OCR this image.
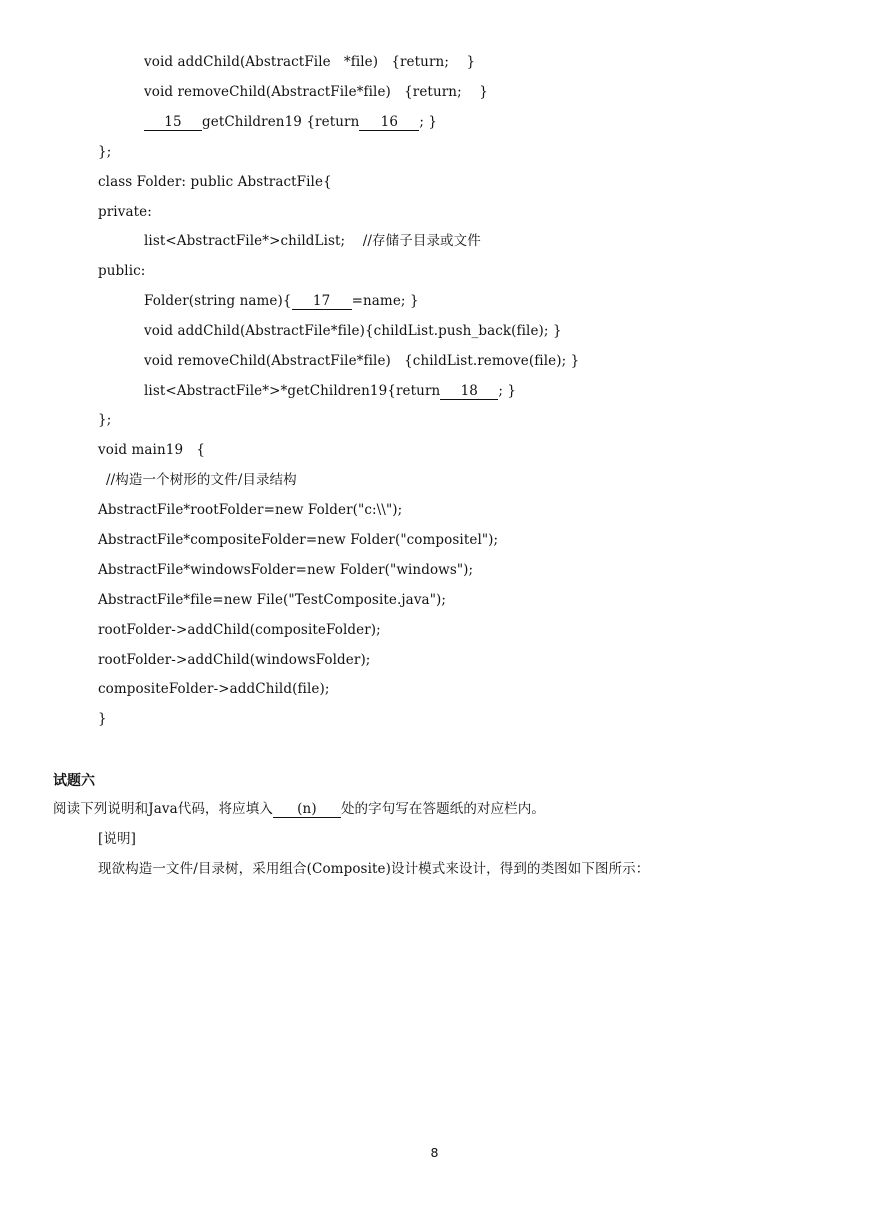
void addChild(AbstractFile   *file)   {return;    }
void removeChild(AbstractFile*file)   {return;    }
15 getChildren19 {return 16 ; }
};
class Folder: public AbstractFile{
private:
list<AbstractFile*>childList;    //存储子目录或文件
public:
Folder(string name){ 17 =name; }
void addChild(AbstractFile*file){childList.push_back(file); }
void removeChild(AbstractFile*file)   {childList.remove(file); }
list<AbstractFile*>*getChildren19{return 18 ; }
};
void main19   {
//构造一个树形的文件/目录结构
AbstractFile*rootFolder=new Folder("c:\\");
AbstractFile*compositeFolder=new Folder("compositel");
AbstractFile*windowsFolder=new Folder("windows");
AbstractFile*file=new File("TestComposite.java");
rootFolder->addChild(compositeFolder);
rootFolder->addChild(windowsFolder);
compositeFolder->addChild(file);
}
试题六
阅读下列说明和Java代码，将应填入 (n) 处的字句写在答题纸的对应栏内。
[说明]
现欲构造一文件/目录树，采用组合(Composite)设计模式来设计，得到的类图如下图所示：
8
